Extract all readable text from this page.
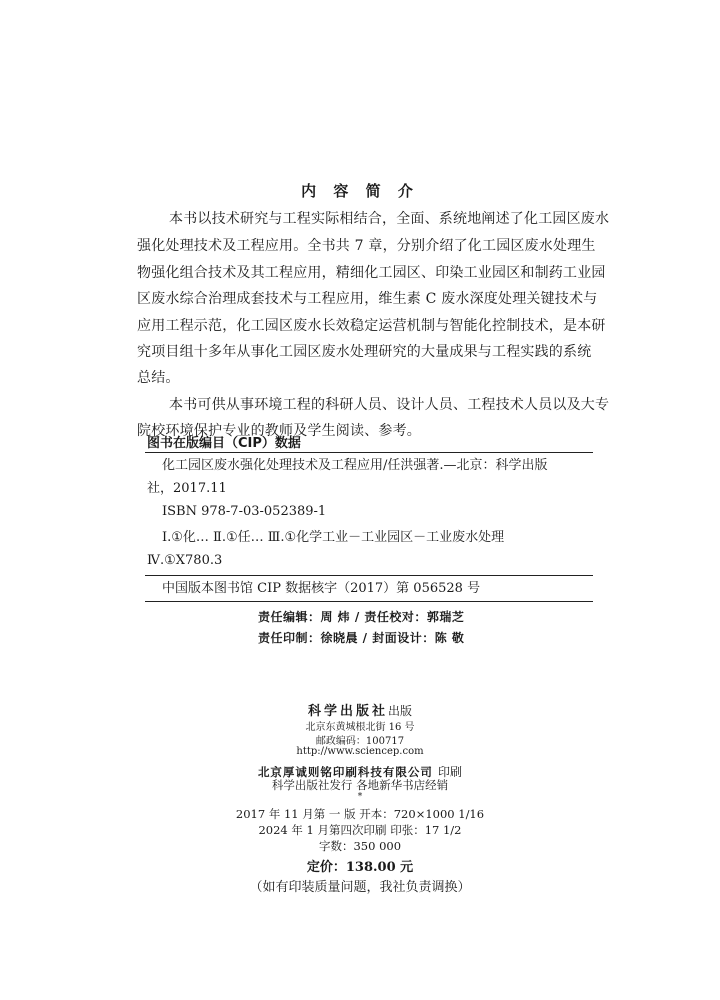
内 容 简 介
本书以技术研究与工程实际相结合，全面、系统地阐述了化工园区废水
强化处理技术及工程应用。全书共 7 章，分别介绍了化工园区废水处理生
物强化组合技术及其工程应用，精细化工园区、印染工业园区和制药工业园
区废水综合治理成套技术与工程应用，维生素 C 废水深度处理关键技术与
应用工程示范，化工园区废水长效稳定运营机制与智能化控制技术，是本研
究项目组十多年从事化工园区废水处理研究的大量成果与工程实践的系统
总结。
本书可供从事环境工程的科研人员、设计人员、工程技术人员以及大专
院校环境保护专业的教师及学生阅读、参考。
图书在版编目（CIP）数据
化工园区废水强化处理技术及工程应用/任洪强著.—北京：科学出版
社，2017.11
ISBN 978-7-03-052389-1
Ⅰ.①化… Ⅱ.①任… Ⅲ.①化学工业－工业园区－工业废水处理
Ⅳ.①X780.3
中国版本图书馆 CIP 数据核字（2017）第 056528 号
责任编辑：周 炜 / 责任校对：郭瑞芝
责任印制：徐晓晨 / 封面设计：陈 敬
科学出版社出版
北京东黄城根北街 16 号
邮政编码：100717
http://www.sciencep.com
北京厚诚则铭印刷科技有限公司 印刷
科学出版社发行 各地新华书店经销
*
2017 年 11 月第 一 版 开本：720×1000 1/16
2024 年 1 月第四次印刷 印张：17 1/2
字数：350 000
定价：138.00 元
（如有印装质量问题，我社负责调换）
